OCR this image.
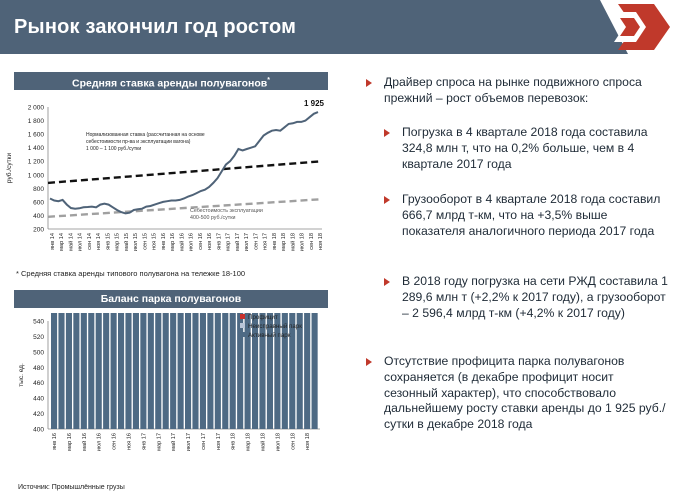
Рынок закончил год ростом
Средняя ставка аренды полувагонов*
200
400
600
800
1 000
1 200
1 400
1 600
1 800
2 000
руб./сутки
янв 14 мар 14 май 14 июл 14 сен 14 ноя 14 янв 15 мар 15 май 15 июл 15 сен 15 ноя 15 янв 16 мар 16 май 16 июл 16 сен 16 ноя 16 янв 17 мар 17 май 17 июл 17 сен 17 ноя 17 янв 18 мар 18 май 18 июл 18 сен 18 ноя 18
1 925
Нормализованная ставка (рассчитанная на основе
себестоимости пр-ва и эксплуатации вагона)
1 000 – 1 100 руб./сутки
Себестоимость эксплуатации
400-500 руб./сутки
* Средняя ставка аренды типового полувагона на тележке 18-100
Баланс парка полувагонов
400
420
440
460
480
500
520
540
тыс. ед.
янв 16 мар 16 май 16 июл 16 сен 16 ноя 16 янв 17 мар 17 май 17 июл 17 сен 17 ноя 17 янв 18 мар 18 май 18 июл 18 сен 18 ноя 18
Профицит
Неисправный парк
Активный парк
Источник: Промышлённые грузы
Драйвер спроса на рынке подвижного спроса прежний – рост объемов перевозок:
Погрузка в 4 квартале 2018 года составила 324,8 млн т, что на 0,2% больше, чем в 4 квартале 2017 года
Грузооборот в 4 квартале 2018 года составил 666,7 млрд т-км, что на +3,5% выше показателя аналогичного периода 2017 года
В 2018 году погрузка на сети РЖД составила 1 289,6 млн т (+2,2% к 2017 году), а грузооборот – 2 596,4 млрд т-км (+4,2% к 2017 году)
Отсутствие профицита парка полувагонов сохраняется (в декабре профицит носит сезонный характер), что способствовало дальнейшему росту ставки аренды до 1 925 руб./сутки в декабре 2018 года
